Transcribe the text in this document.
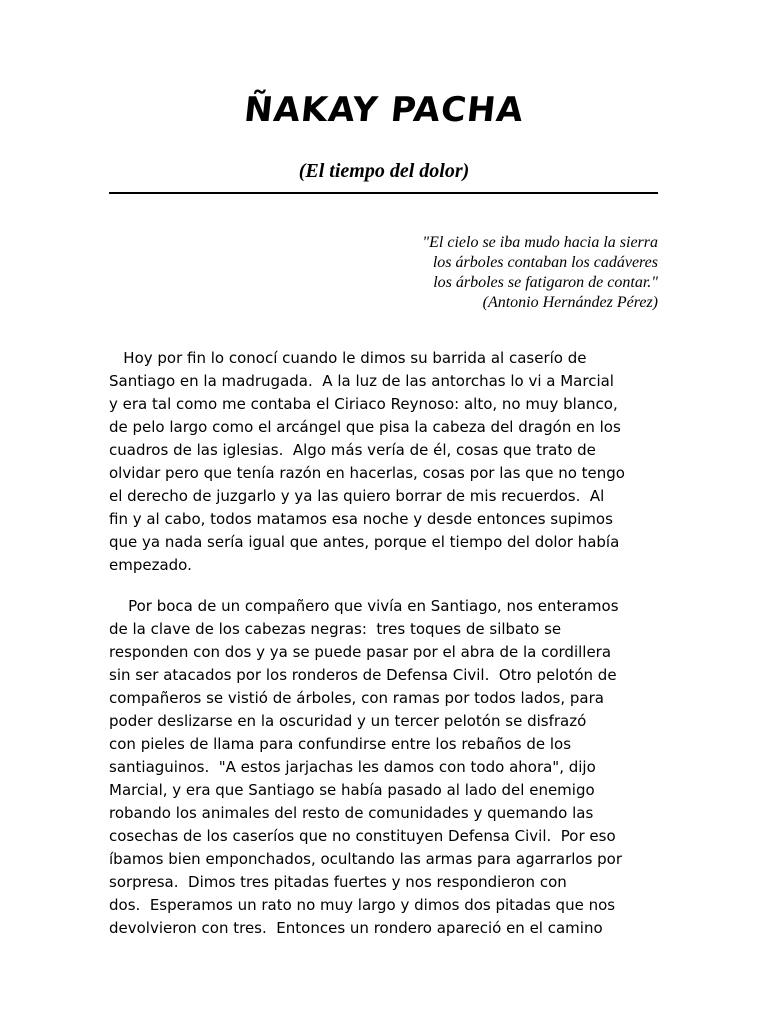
ÑAKAY PACHA
(El tiempo del dolor)
"El cielo se iba mudo hacia la sierra
los árboles contaban los cadáveres
los árboles se fatigaron de contar."
(Antonio Hernández Pérez)
Hoy por fin lo conocí cuando le dimos su barrida al caserío de
Santiago en la madrugada.  A la luz de las antorchas lo vi a Marcial
y era tal como me contaba el Ciriaco Reynoso: alto, no muy blanco,
de pelo largo como el arcángel que pisa la cabeza del dragón en los
cuadros de las iglesias.  Algo más vería de él, cosas que trato de
olvidar pero que tenía razón en hacerlas, cosas por las que no tengo
el derecho de juzgarlo y ya las quiero borrar de mis recuerdos.  Al
fin y al cabo, todos matamos esa noche y desde entonces supimos
que ya nada sería igual que antes, porque el tiempo del dolor había
empezado.
Por boca de un compañero que vivía en Santiago, nos enteramos
de la clave de los cabezas negras:  tres toques de silbato se
responden con dos y ya se puede pasar por el abra de la cordillera
sin ser atacados por los ronderos de Defensa Civil.  Otro pelotón de
compañeros se vistió de árboles, con ramas por todos lados, para
poder deslizarse en la oscuridad y un tercer pelotón se disfrazó
con pieles de llama para confundirse entre los rebaños de los
santiaguinos.  "A estos jarjachas les damos con todo ahora", dijo
Marcial, y era que Santiago se había pasado al lado del enemigo
robando los animales del resto de comunidades y quemando las
cosechas de los caseríos que no constituyen Defensa Civil.  Por eso
íbamos bien emponchados, ocultando las armas para agarrarlos por
sorpresa.  Dimos tres pitadas fuertes y nos respondieron con
dos.  Esperamos un rato no muy largo y dimos dos pitadas que nos
devolvieron con tres.  Entonces un rondero apareció en el camino
